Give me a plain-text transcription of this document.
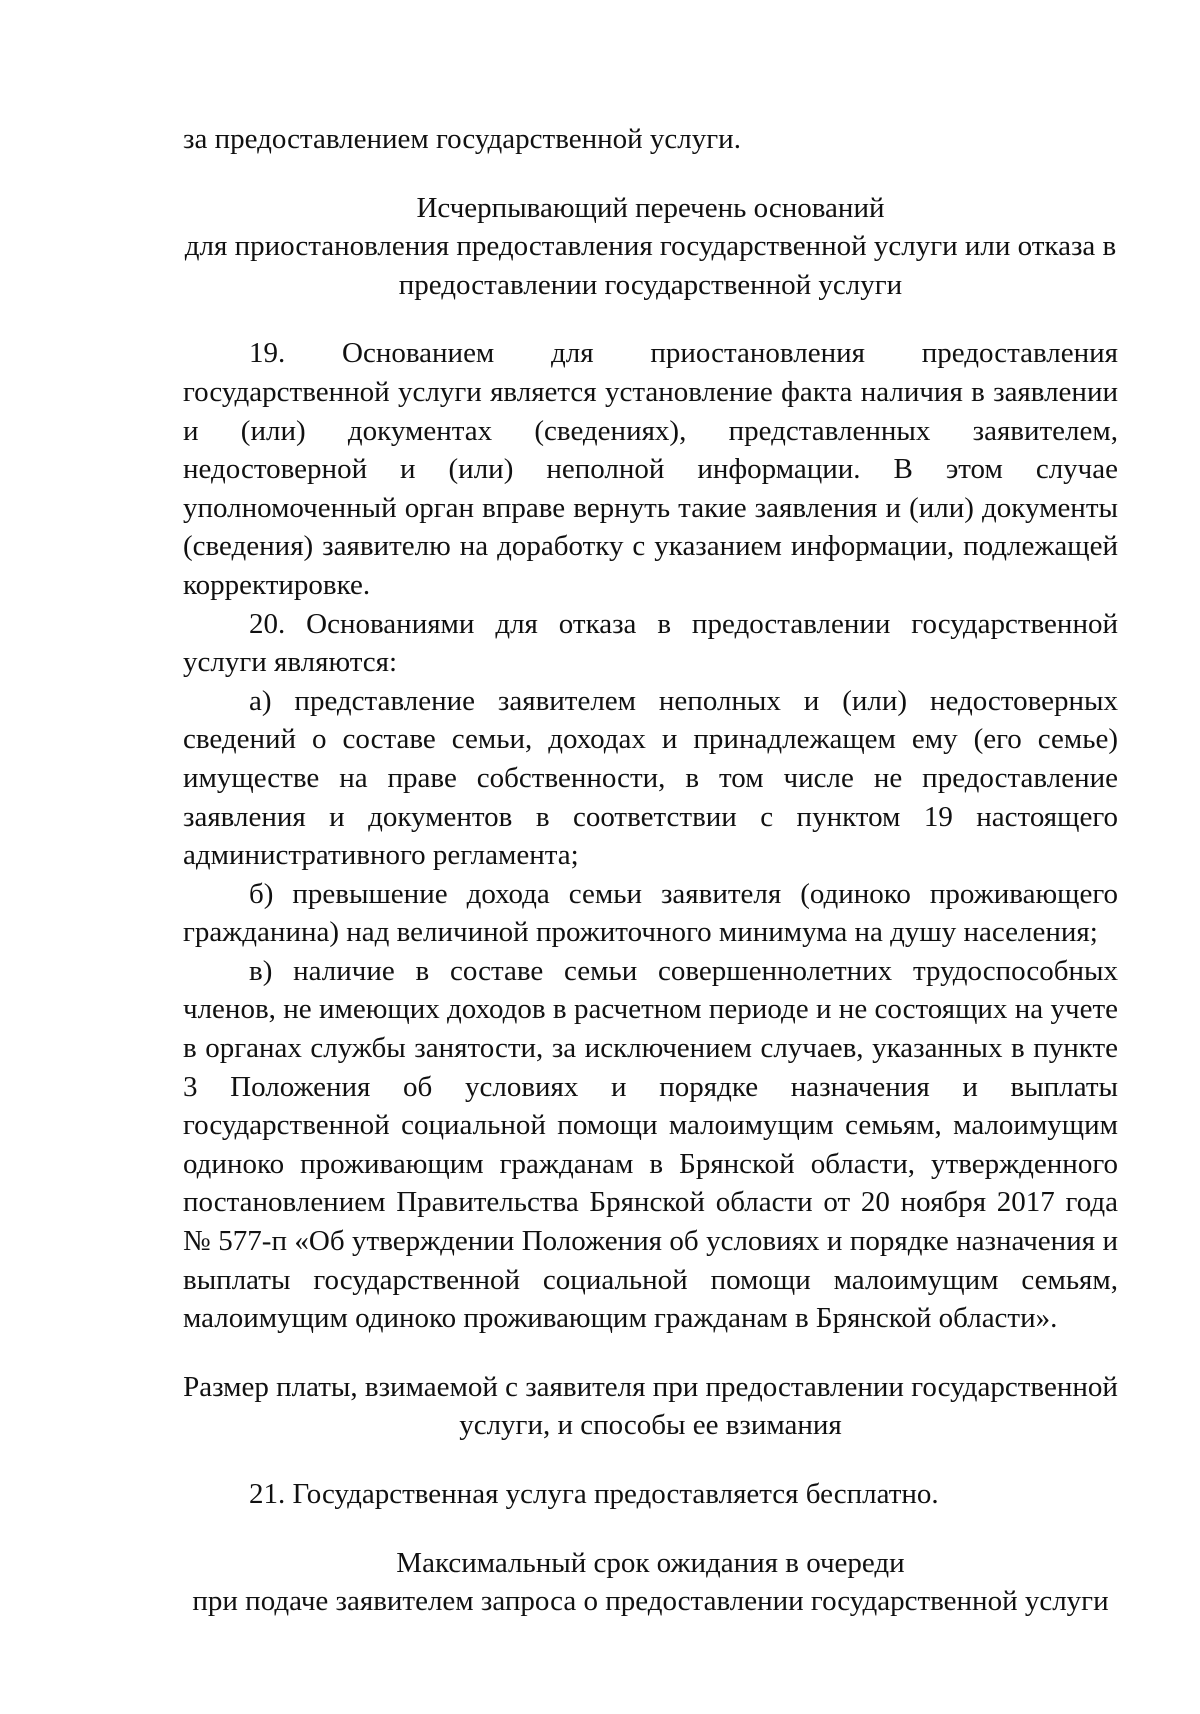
за предоставлением государственной услуги.

Исчерпывающий перечень оснований
для приостановления предоставления государственной услуги или отказа в
предоставлении государственной услуги

19. Основанием для приостановления предоставления государственной услуги является установление факта наличия в заявлении и (или) документах (сведениях), представленных заявителем, недостоверной и (или) неполной информации. В этом случае уполномоченный орган вправе вернуть такие заявления и (или) документы (сведения) заявителю на доработку с указанием информации, подлежащей корректировке.

20. Основаниями для отказа в предоставлении государственной услуги являются:

а) представление заявителем неполных и (или) недостоверных сведений о составе семьи, доходах и принадлежащем ему (его семье) имуществе на праве собственности, в том числе не предоставление заявления и документов в соответствии с пунктом 19 настоящего административного регламента;

б) превышение дохода семьи заявителя (одиноко проживающего гражданина) над величиной прожиточного минимума на душу населения;

в) наличие в составе семьи совершеннолетних трудоспособных членов, не имеющих доходов в расчетном периоде и не состоящих на учете в органах службы занятости, за исключением случаев, указанных в пункте 3 Положения об условиях и порядке назначения и выплаты государственной социальной помощи малоимущим семьям, малоимущим одиноко проживающим гражданам в Брянской области, утвержденного постановлением Правительства Брянской области от 20 ноября 2017 года № 577-п «Об утверждении Положения об условиях и порядке назначения и выплаты государственной социальной помощи малоимущим семьям, малоимущим одиноко проживающим гражданам в Брянской области».

Размер платы, взимаемой с заявителя при предоставлении государственной
услуги, и способы ее взимания

21. Государственная услуга предоставляется бесплатно.

Максимальный срок ожидания в очереди
при подаче заявителем запроса о предоставлении государственной услуги
